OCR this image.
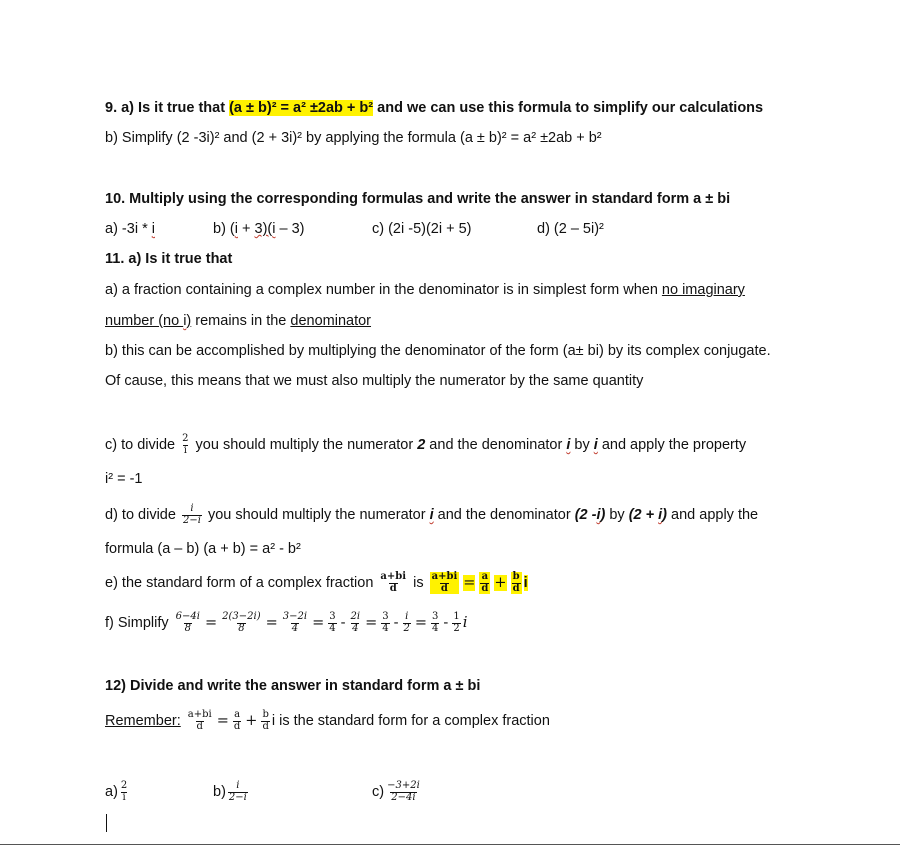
9. a) Is it true that (a ± b)² = a² ±2ab + b² and we can use this formula to simplify our calculations
b) Simplify (2 -3i)² and (2 + 3i)² by applying the formula (a ± b)² = a² ±2ab + b²
10. Multiply using the corresponding formulas and write the answer in standard form a ± bi
a) -3i * i	b) (i + 3)(i – 3)	c) (2i -5)(2i + 5)	d) (2 – 5i)²
11. a) Is it true that
a) a fraction containing a complex number in the denominator is in simplest form when no imaginary
number (no i) remains in the denominator
b) this can be accomplished by multiplying the denominator of the form (a± bi) by its complex conjugate.
Of cause, this means that we must also multiply the numerator by the same quantity
c) to divide $\frac{2}{i}$ you should multiply the numerator 2 and the denominator i by i and apply the property
i² = -1
d) to divide $\frac{i}{2-i}$ you should multiply the numerator i and the denominator (2 -i) by (2 + i) and apply the
formula (a – b) (a + b) = a² - b²
e) the standard form of a complex fraction $\frac{a+bi}{d}$ is $\frac{a+bi}{d} = \frac{a}{d} + \frac{b}{d}$ i
f) Simplify $\frac{6-4i}{8} = \frac{2(3-2i)}{8} = \frac{3-2i}{4} = \frac{3}{4} - \frac{2i}{4} = \frac{3}{4} - \frac{i}{2} = \frac{3}{4} - \frac{1}{2}$ i
12) Divide and write the answer in standard form a ± bi
Remember: $\frac{a+bi}{d} = \frac{a}{d} + \frac{b}{d}$ i is the standard form for a complex fraction
$a) \frac{2}{i}$	$b) \frac{i}{2-i}$	$c) \frac{-3+2i}{2-4i}$
